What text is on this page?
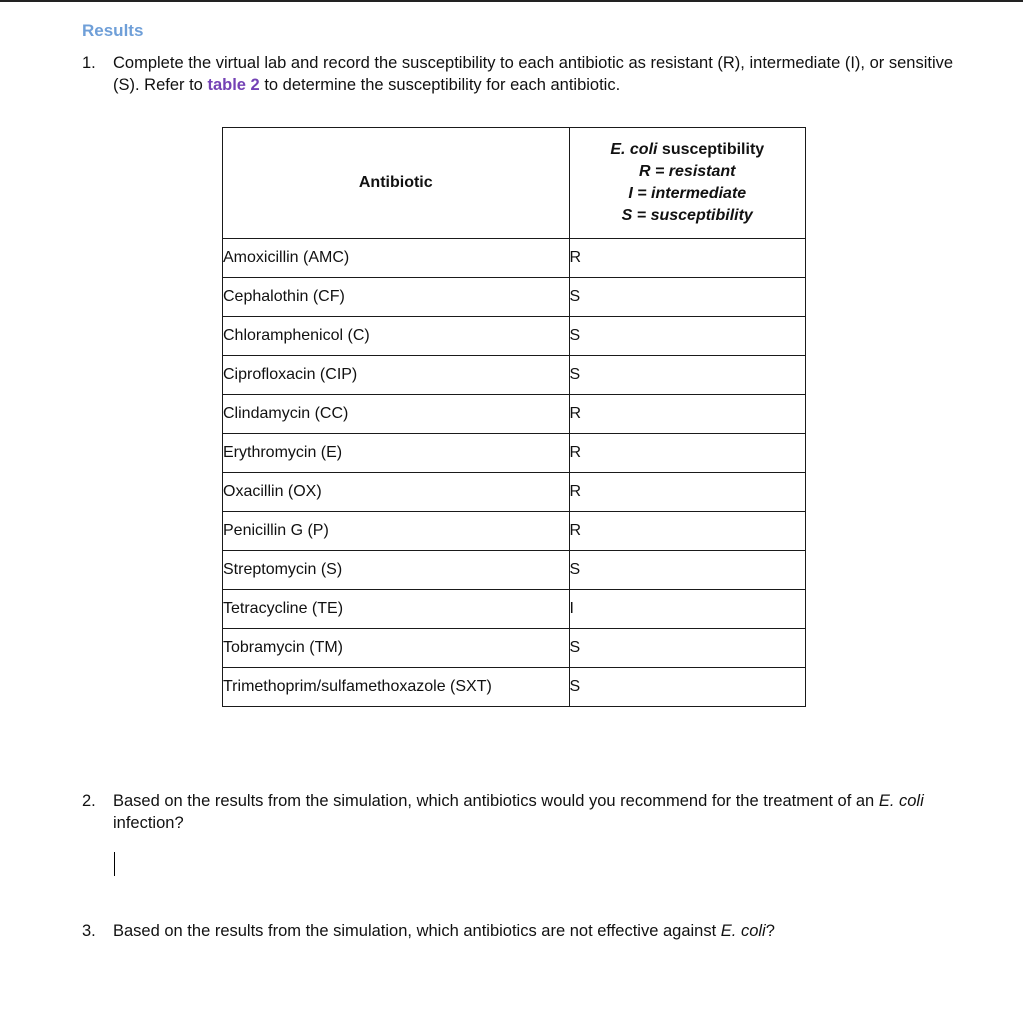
Results
1. Complete the virtual lab and record the susceptibility to each antibiotic as resistant (R), intermediate (I), or sensitive (S). Refer to table 2 to determine the susceptibility for each antibiotic.
Antibiotic	E. coli susceptibility
R = resistant
I = intermediate
S = susceptibility

Amoxicillin (AMC)	R
Cephalothin (CF)	S
Chloramphenicol (C)	S
Ciprofloxacin (CIP)	S
Clindamycin (CC)	R
Erythromycin (E)	R
Oxacillin (OX)	R
Penicillin G (P)	R
Streptomycin (S)	S
Tetracycline (TE)	I
Tobramycin (TM)	S
Trimethoprim/sulfamethoxazole (SXT)	S
2. Based on the results from the simulation, which antibiotics would you recommend for the treatment of an E. coli infection?
3. Based on the results from the simulation, which antibiotics are not effective against E. coli?
